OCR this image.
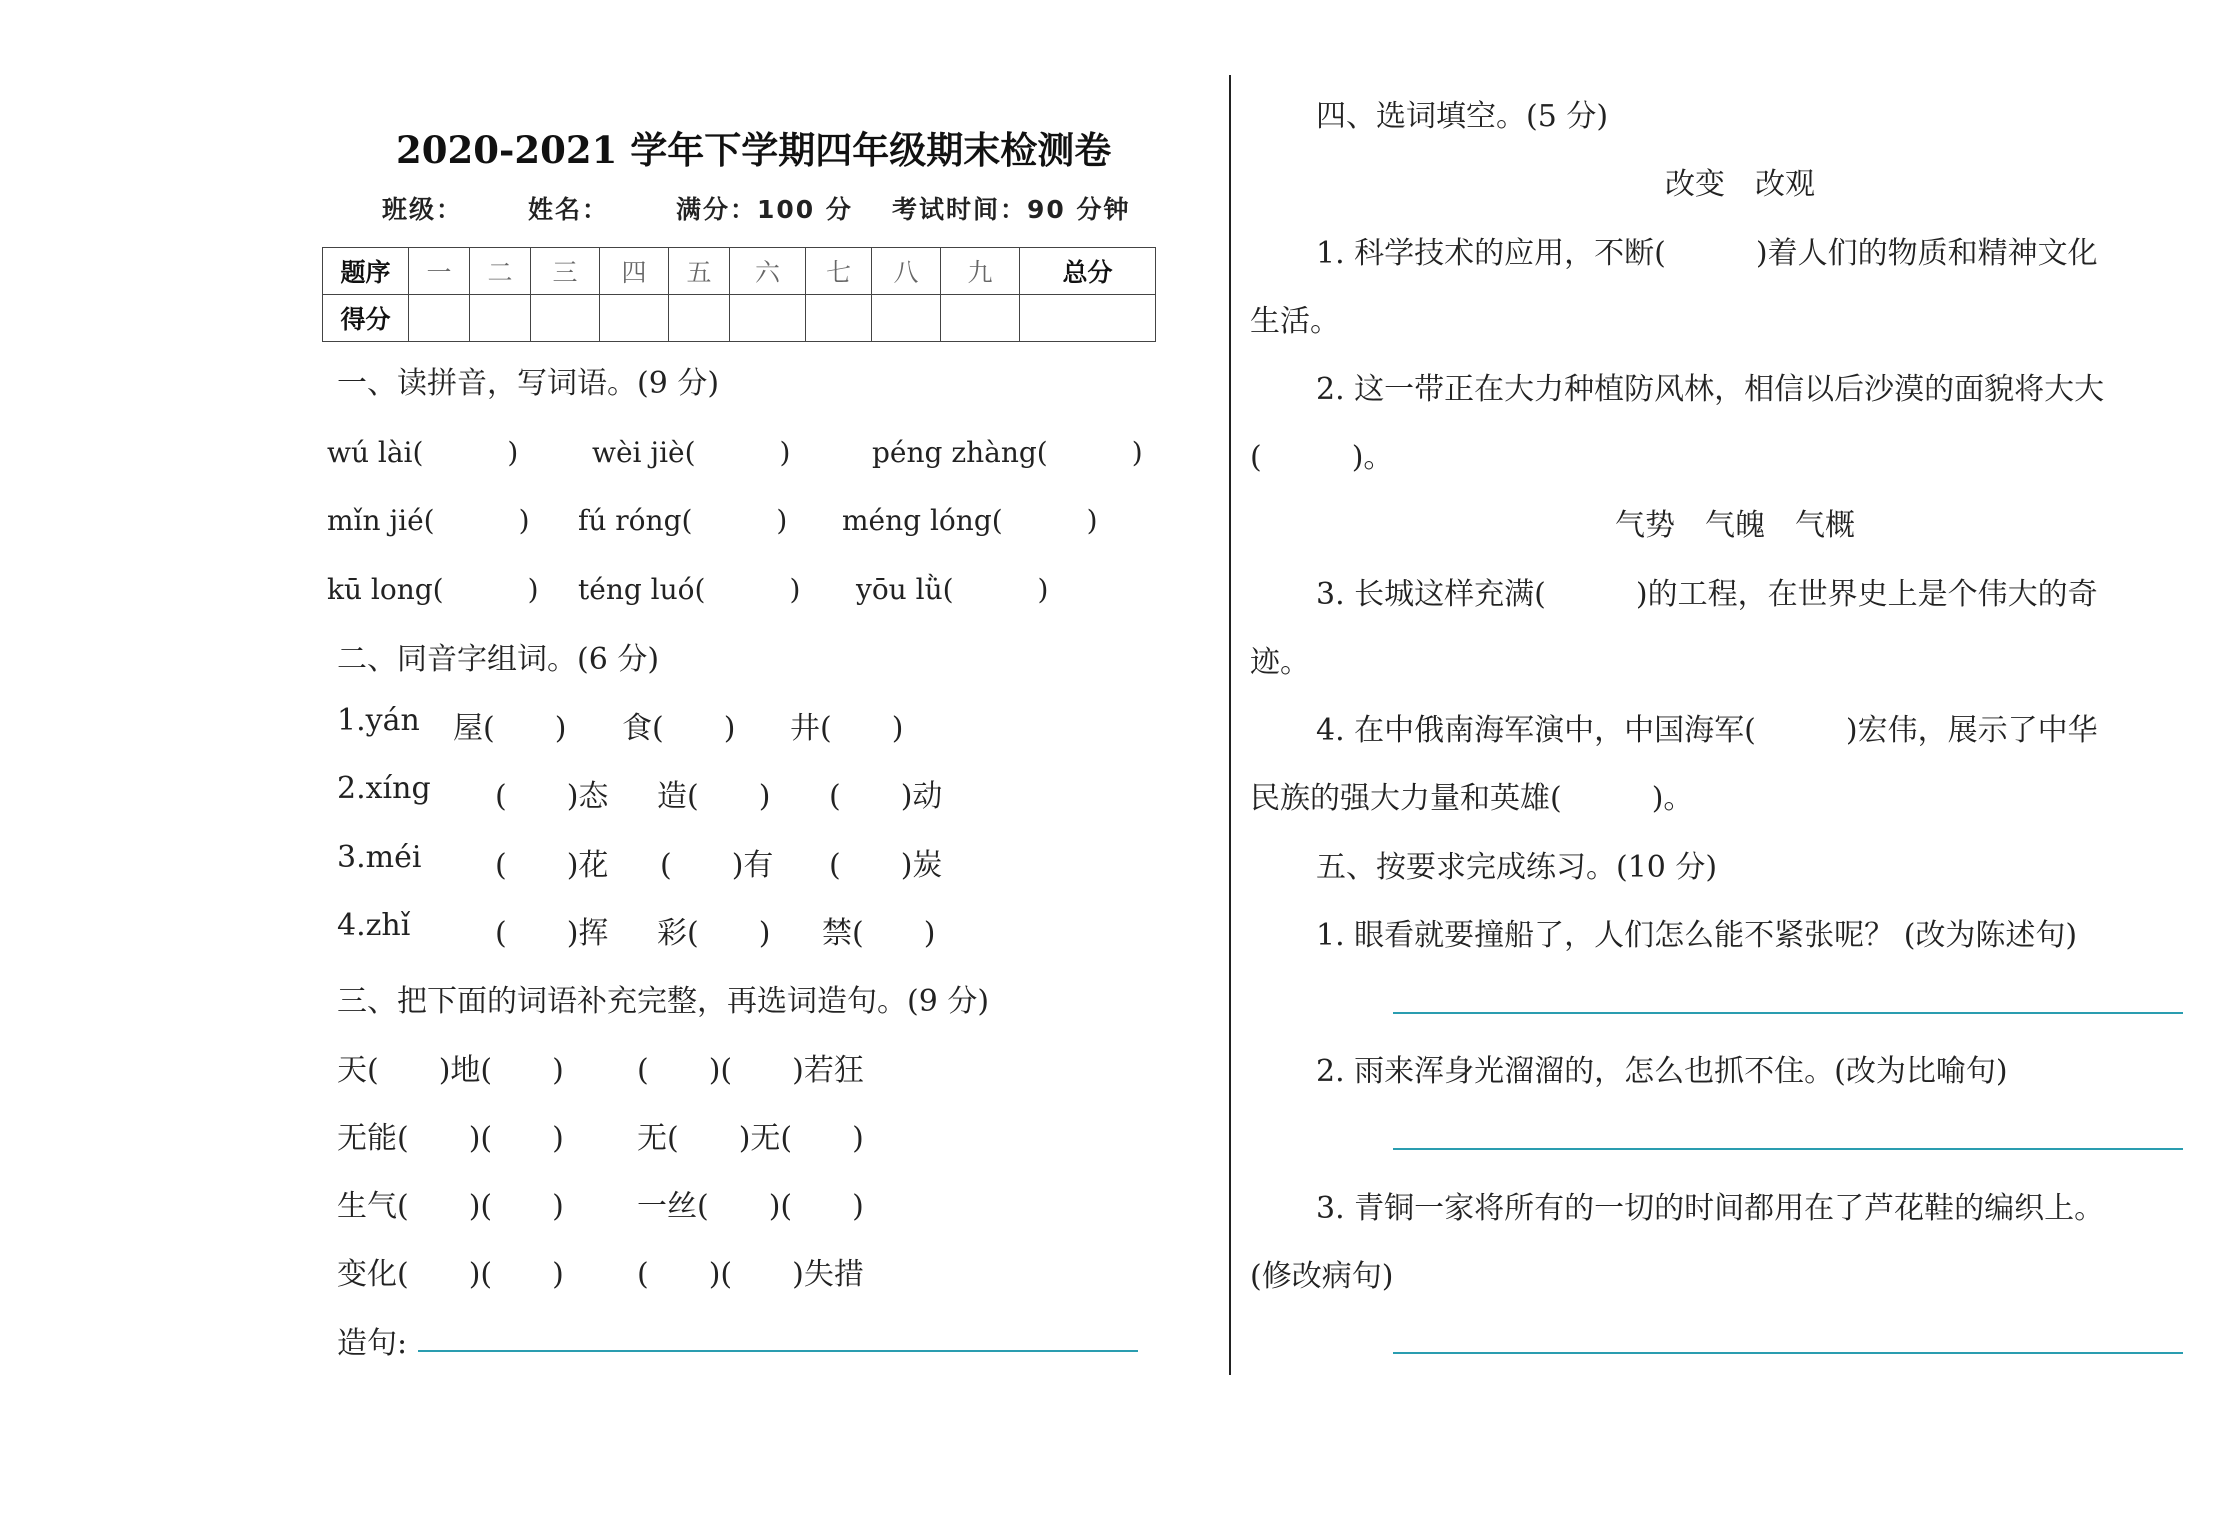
2020-2021 学年下学期四年级期末检测卷
班级：	姓名：	满分：100 分 考试时间：90 分钟
题序	一	二	三	四	五	六	七	八	九	总分
得分										
一、读拼音，写词语。(9 分)
wú lài(　　　)	wèi jiè(　　　)	péng zhàng(　　　)
mǐn jié(　　　) fú róng(　　　) méng lóng(　　　)
kū long(　　　) téng luó(　　　) yōu lǜ(　　　)
二、同音字组词。(6 分)
1.yán 屋(　　) 食(　　) 井(　　)
2.xíng (　　)态 造(　　) (　　)动
3.méi (　　)花 (　　)有 (　　)炭
4.zhǐ	(　　)挥 彩(　　) 禁(　　)
三、把下面的词语补充完整，再选词造句。(9 分)
天(　　)地(　　) (　　)(　　)若狂
无能(　　)(　　) 无(　　)无(　　)
生气(　　)(　　) 一丝(　　)(　　)
变化(　　)(　　) (　　)(　　)失措
造句:
四、选词填空。(5 分)
改变　改观
1. 科学技术的应用，不断(　　　)着人们的物质和精神文化
生活。
2. 这一带正在大力种植防风林，相信以后沙漠的面貌将大大
(　　　)。
气势　气魄　气概
3. 长城这样充满(　　　)的工程，在世界史上是个伟大的奇
迹。
4. 在中俄南海军演中，中国海军(　　　)宏伟，展示了中华
民族的强大力量和英雄(　　　)。
五、按要求完成练习。(10 分)
1. 眼看就要撞船了，人们怎么能不紧张呢？ (改为陈述句)
2. 雨来浑身光溜溜的，怎么也抓不住。(改为比喻句)
3. 青铜一家将所有的一切的时间都用在了芦花鞋的编织上。
(修改病句)
